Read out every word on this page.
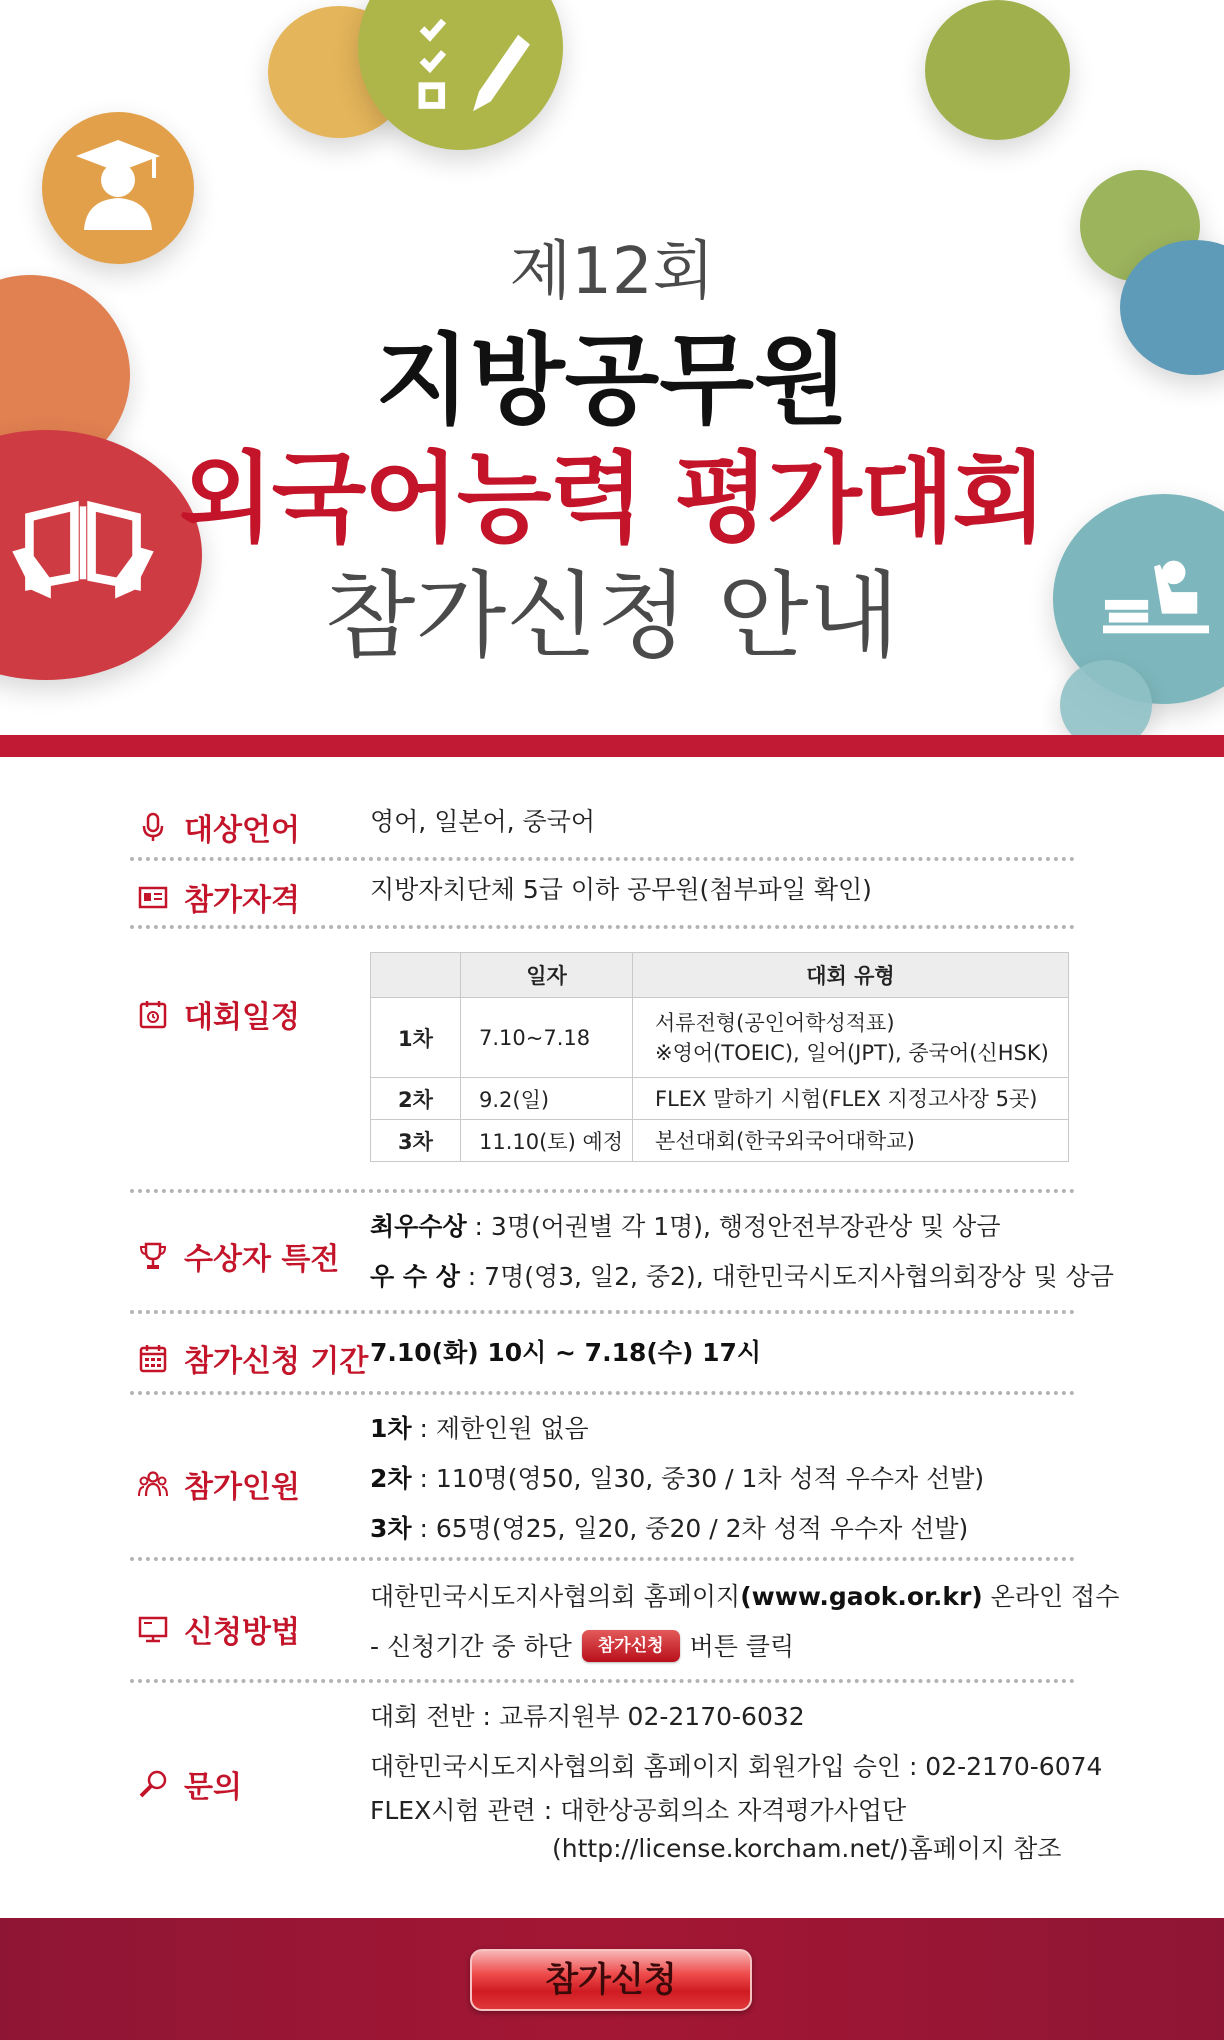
제12회
지방공무원
외국어능력 평가대회
참가신청 안내
대상언어	영어, 일본어, 중국어
참가자격	지방자치단체 5급 이하 공무원(첨부파일 확인)
대회일정
	일자	대회 유형
1차	7.10~7.18	서류전형(공인어학성적표)
※영어(TOEIC), 일어(JPT), 중국어(신HSK)

2차	9.2(일)	FLEX 말하기 시험(FLEX 지정고사장 5곳)
3차	11.10(토) 예정	본선대회(한국외국어대학교)
수상자 특전
최우수상 : 3명(어권별 각 1명), 행정안전부장관상 및 상금
우 수 상 : 7명(영3, 일2, 중2), 대한민국시도지사협의회장상 및 상금
참가신청 기간 7.10(화) 10시 ~ 7.18(수) 17시
참가인원
1차 : 제한인원 없음
2차 : 110명(영50, 일30, 중30 / 1차 성적 우수자 선발)
3차 : 65명(영25, 일20, 중20 / 2차 성적 우수자 선발)
신청방법
대한민국시도지사협의회 홈페이지(www.gaok.or.kr) 온라인 접수
- 신청기간 중 하단 참가신청 버튼 클릭
문의
대회 전반 : 교류지원부 02-2170-6032
대한민국시도지사협의회 홈페이지 회원가입 승인 : 02-2170-6074
FLEX시험 관련 : 대한상공회의소 자격평가사업단
(http://license.korcham.net/)홈페이지 참조
참가신청
